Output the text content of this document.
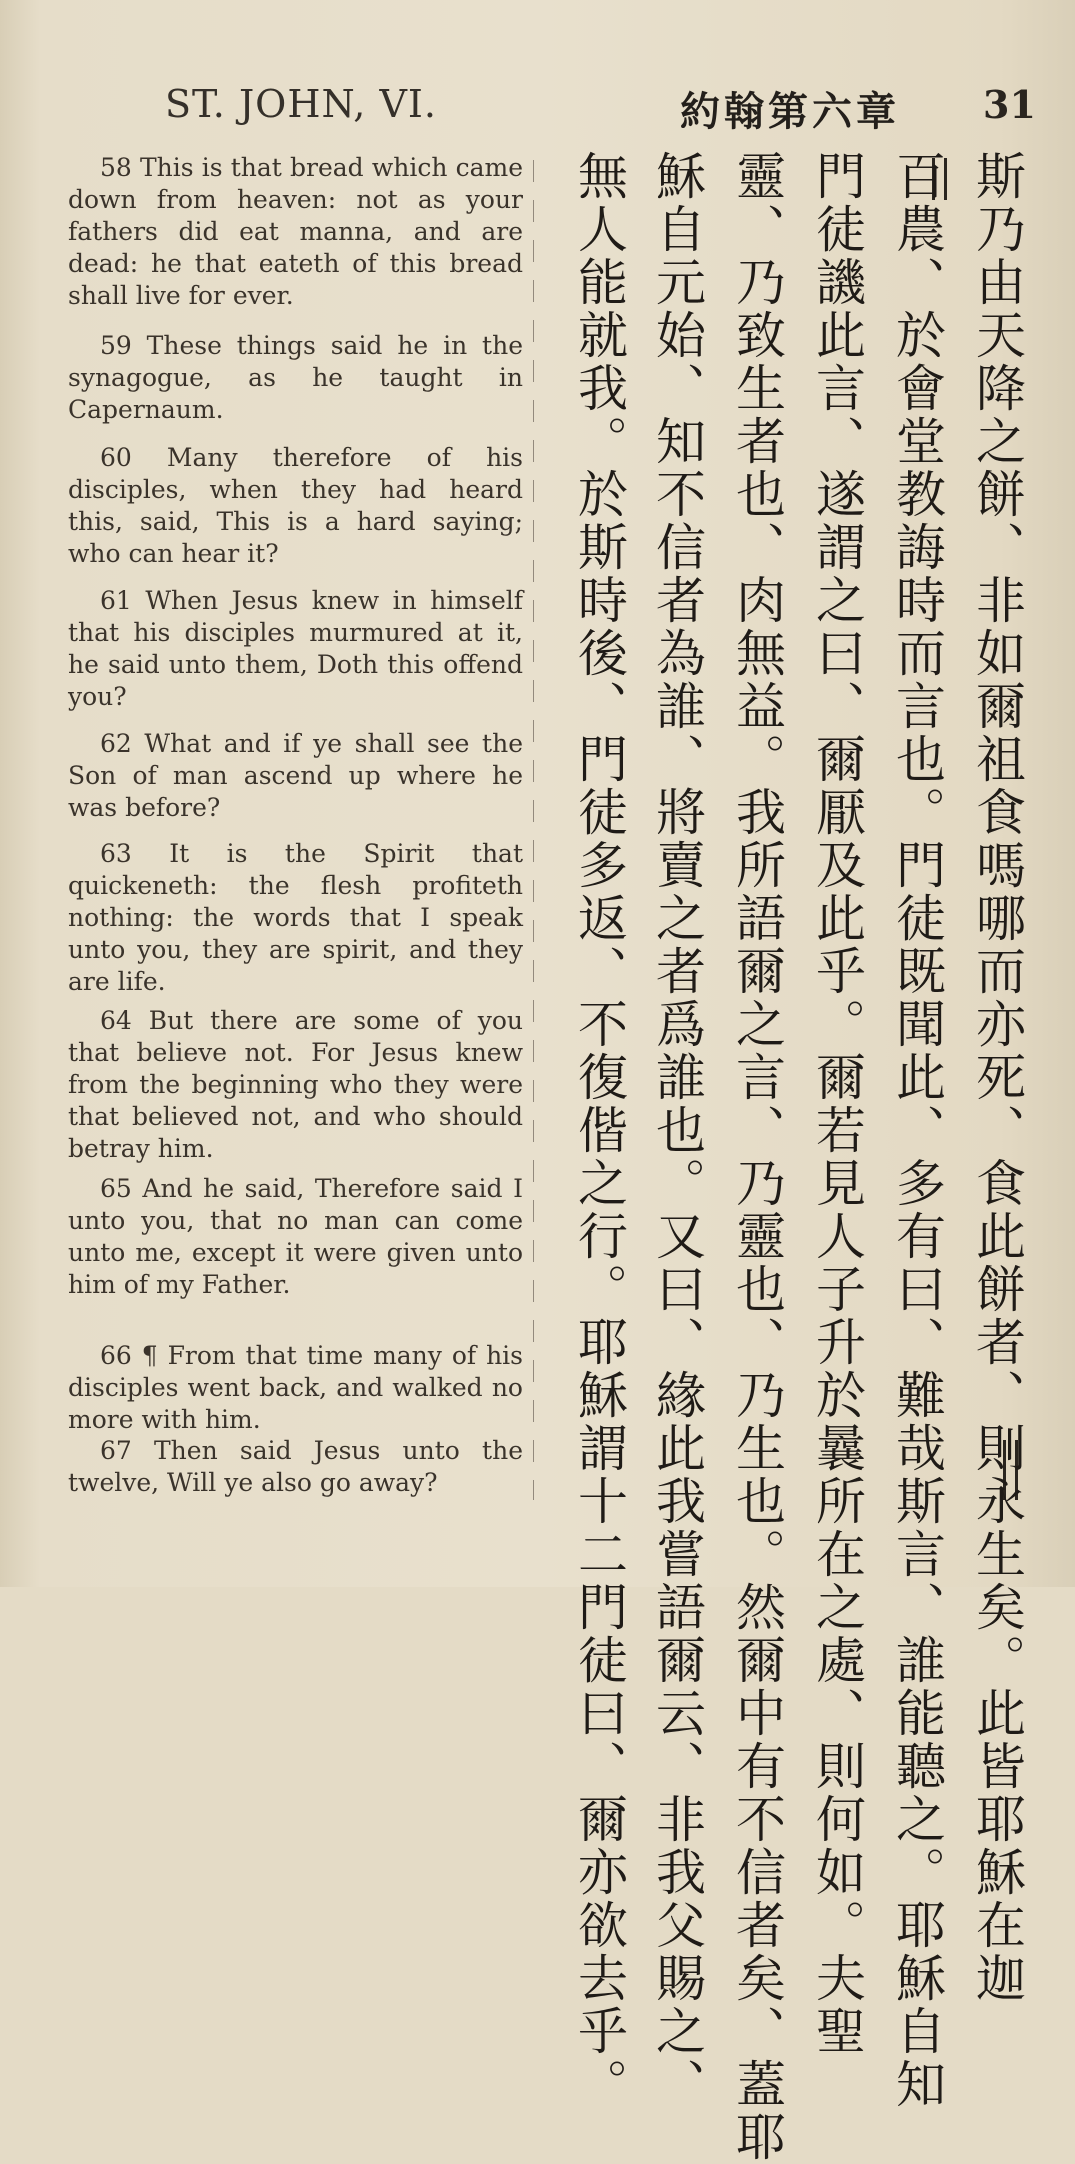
ST. JOHN, VI.	約翰第六章 31
58 This is that bread which came down from heaven: not as your fathers did eat manna, and are dead: he that eateth of this bread shall live for ever.
59 These things said he in the synagogue, as he taught in Capernaum.
60 Many therefore of his disciples, when they had heard this, said, This is a hard saying; who can hear it?
61 When Jesus knew in himself that his disciples murmured at it, he said unto them, Doth this offend you?
62 What and if ye shall see the Son of man ascend up where he was before?
63 It is the Spirit that quickeneth: the flesh profiteth nothing: the words that I speak unto you, they are spirit, and they are life.
64 But there are some of you that believe not. For Jesus knew from the beginning who they were that believed not, and who should betray him.
65 And he said, Therefore said I unto you, that no man can come unto me, except it were given unto him of my Father.
66 ¶ From that time many of his disciples went back, and walked no more with him.
67 Then said Jesus unto the twelve, Will ye also go away?	斯乃由天降之餅、非如爾祖食嗎哪而亦死、食此餅者、則永生矣。此皆耶穌在迦
百農、於會堂教誨時而言也。門徒既聞此、多有曰、難哉斯言、誰能聽之。耶穌自知
門徒譏此言、遂謂之曰、爾厭及此乎。爾若見人子升於曩所在之處、則何如。夫聖
靈、乃致生者也、肉無益。我所語爾之言、乃靈也、乃生也。然爾中有不信者矣、蓋耶
穌自元始、知不信者為誰、將賣之者爲誰也。又曰、緣此我嘗語爾云、非我父賜之、
無人能就我。於斯時後、門徒多返、不復偕之行。耶穌謂十二門徒曰、爾亦欲去乎。
